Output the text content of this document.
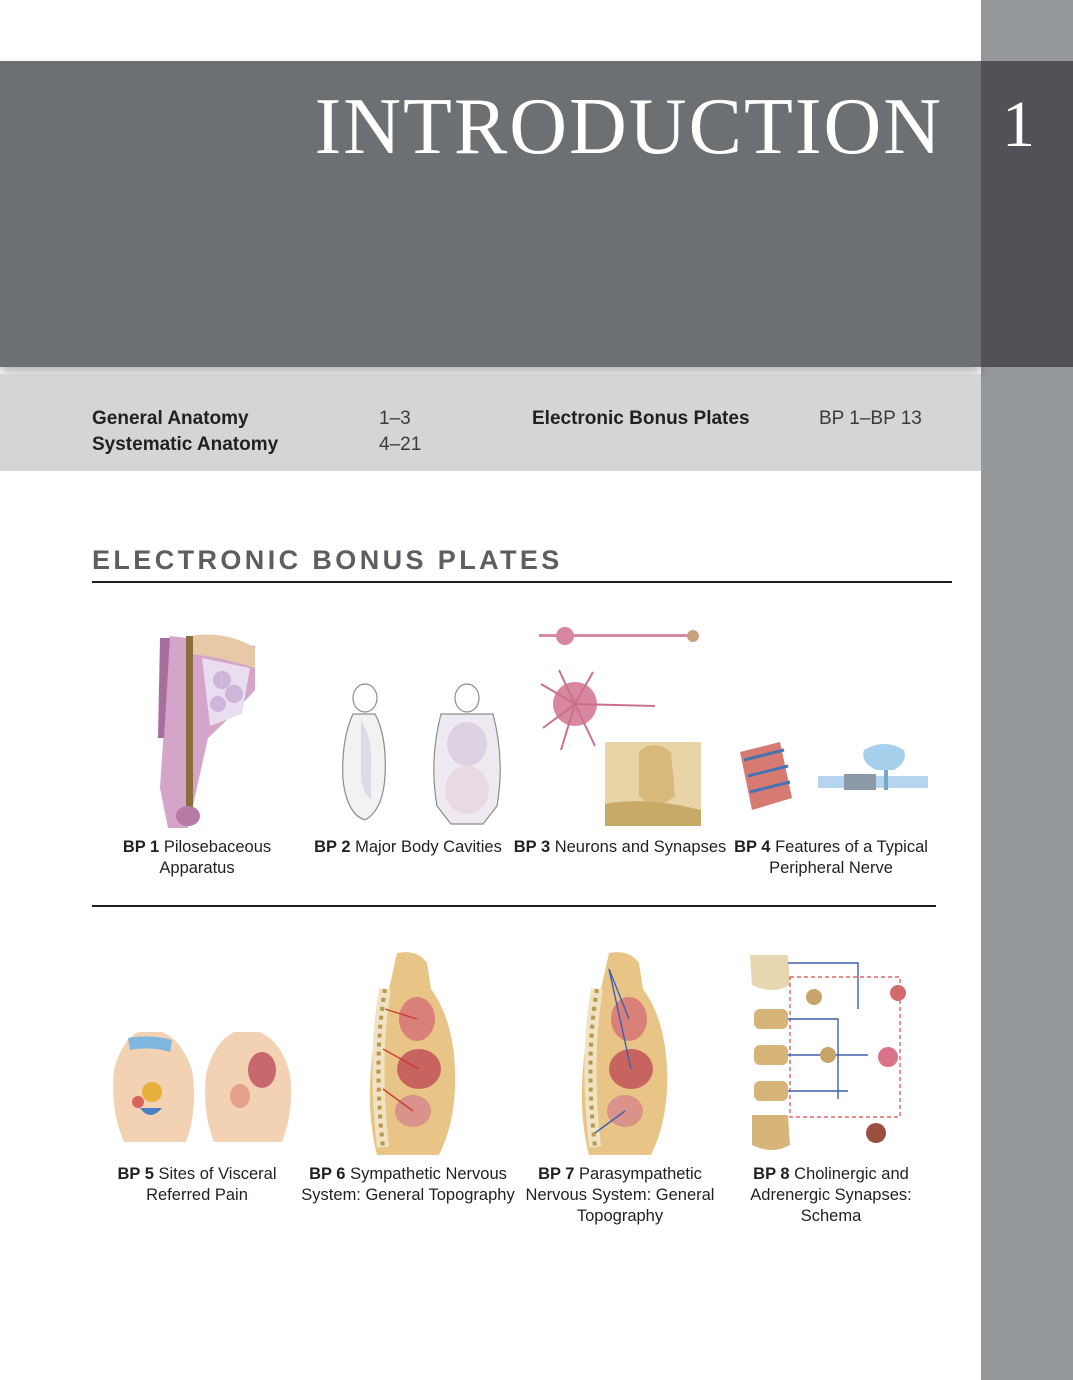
INTRODUCTION 1
General Anatomy	1–3
Systematic Anatomy	4–21
Electronic Bonus Plates	BP 1–BP 13
ELECTRONIC BONUS PLATES
BP 1 Pilosebaceous
Apparatus
BP 2 Major Body Cavities BP 3 Neurons and Synapses BP 4 Features of a Typical
Peripheral Nerve
BP 5 Sites of Visceral
Referred Pain
BP 6 Sympathetic Nervous
System: General Topography
BP 7 Parasympathetic
Nervous System: General
Topography
BP 8 Cholinergic and
Adrenergic Synapses:
Schema
